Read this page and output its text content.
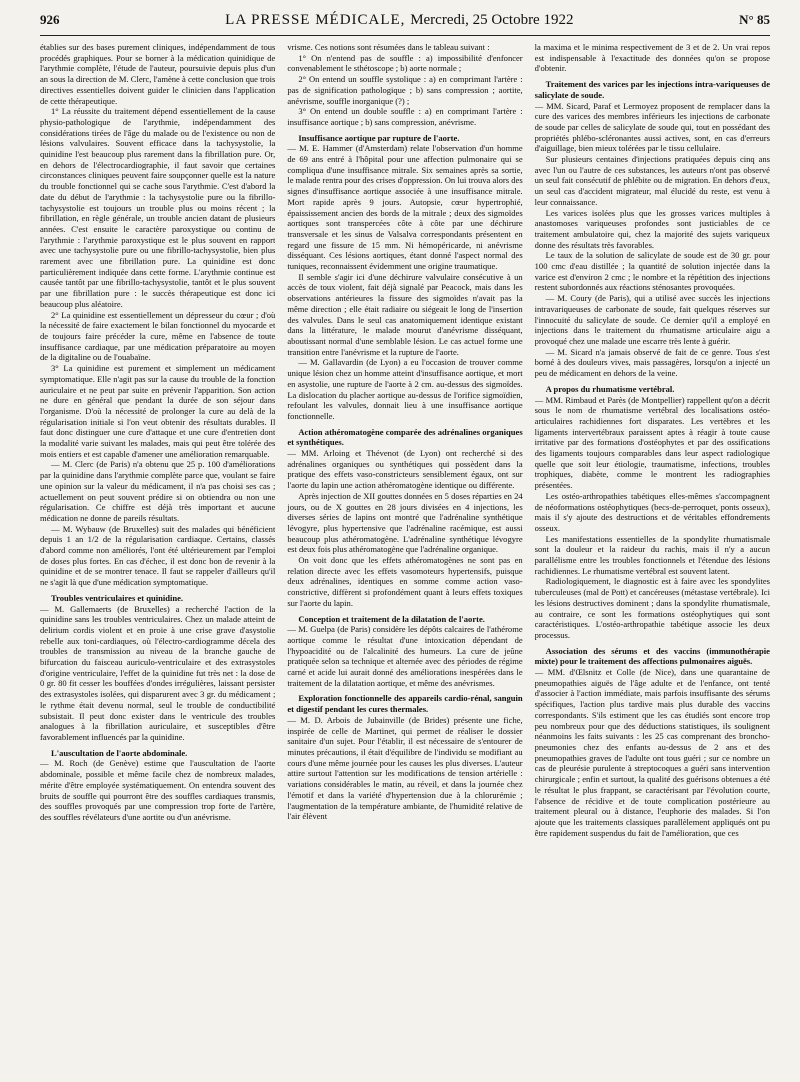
926	LA PRESSE MÉDICALE, Mercredi, 25 Octobre 1922	N° 85

établies sur des bases purement cliniques, indépendamment de tous procédés graphiques. Pour se borner à la médication quinidique de l'arythmie complète, l'étude de l'auteur, poursuivie depuis plus d'un an sous la direction de M. Clerc, l'amène à cette conclusion que trois directives essentielles doivent guider le clinicien dans l'application de cette thérapeutique.

1° La réussite du traitement dépend essentiellement de la cause physio-pathologique de l'arythmie, indépendamment des considérations tirées de l'âge du malade ou de l'existence ou non de lésions valvulaires. Souvent efficace dans la tachysystolie, la quinidine l'est beaucoup plus rarement dans la fibrillation pure. Or, en dehors de l'électrocardiographie, il faut savoir que certaines circonstances cliniques peuvent faire soupçonner quelle est la nature du trouble fonctionnel qui se cache sous l'arythmie. C'est d'abord la date du début de l'arythmie : la tachysystolie pure ou la fibrillo-tachysystolie est toujours un trouble plus ou moins récent ; la fibrillation, en règle générale, un trouble ancien datant de plusieurs années. C'est ensuite le caractère paroxystique ou continu de l'arythmie : l'arythmie paroxystique est le plus souvent en rapport avec une tachysystolie pure ou une fibrillo-tachysystolie, bien plus rarement avec une fibrillation pure. La quinidine est donc particulièrement indiquée dans cette forme. L'arythmie continue est causée tantôt par une fibrillo-tachysystolie, tantôt et le plus souvent par une fibrillation pure : le succès thérapeutique est donc ici beaucoup plus aléatoire.

2° La quinidine est essentiellement un dépresseur du cœur ; d'où la nécessité de faire exactement le bilan fonctionnel du myocarde et de toujours faire précéder la cure, même en l'absence de toute insuffisance cardiaque, par une médication préparatoire au moyen de la digitaline ou de l'ouabaïne.

3° La quinidine est purement et simplement un médicament symptomatique. Elle n'agit pas sur la cause du trouble de la fonction auriculaire et ne peut par suite en prévenir l'apparition. Son action ne dure en général que pendant la durée de son séjour dans l'organisme. D'où la nécessité de prolonger la cure au delà de la régularisation initiale si l'on veut obtenir des résultats durables. Il faut donc distinguer une cure d'attaque et une cure d'entretien dont la modalité varie suivant les malades, mais qui peut être tolérée des mois entiers et est capable d'amener une amélioration remarquable.

— M. Clerc (de Paris) n'a obtenu que 25 p. 100 d'améliorations par la quinidine dans l'arythmie complète parce que, voulant se faire une opinion sur la valeur du médicament, il n'a pas choisi ses cas ; actuellement on peut souvent prédire si on obtiendra ou non une régularisation. Ce chiffre est déjà très important et aucune médication ne donne de pareils résultats.

— M. Wybauw (de Bruxelles) suit des malades qui bénéficient depuis 1 an 1/2 de la régularisation cardiaque. Certains, classés d'abord comme non améliorés, l'ont été ultérieurement par l'emploi de doses plus fortes. En cas d'échec, il est donc bon de revenir à la quinidine et de se montrer tenace. Il faut se rappeler d'ailleurs qu'il ne s'agit là que d'une médication symptomatique.

Troubles ventriculaires et quinidine.

— M. Gallemaerts (de Bruxelles) a recherché l'action de la quinidine sans les troubles ventriculaires. Chez un malade atteint de delirium cordis violent et en proie à une crise grave d'asystolie rebelle aux toni-cardiaques, où l'électro-cardiogramme décela des troubles de transmission au niveau de la branche gauche de bifurcation du faisceau auriculo-ventriculaire et des extrasystoles d'origine ventriculaire, l'effet de la quinidine fut très net : la dose de 0 gr. 80 fit cesser les bouffées d'ondes irrégulières, laissant persister des extrasystoles isolées, qui disparurent avec 3 gr. du médicament ; le rythme était devenu normal, seul le trouble de conductibilité subsistait. Il peut donc exister dans le ventricule des troubles analogues à la fibrillation auriculaire, et susceptibles d'être favorablement influencés par la quinidine.

L'auscultation de l'aorte abdominale.

— M. Roch (de Genève) estime que l'auscultation de l'aorte abdominale, possible et même facile chez de nombreux malades, mérite d'être employée systématiquement. On entendra souvent des bruits de souffle qui pourront être des souffles cardiaques transmis, des souffles provoqués par une compression trop forte de l'artère, des souffles révélateurs d'une aortite ou d'un anévrisme.

vrisme. Ces notions sont résumées dans le tableau suivant :

1° On n'entend pas de souffle : a) impossibilité d'enfoncer convenablement le sthétoscope ; b) aorte normale ;

2° On entend un souffle systolique : a) en comprimant l'artère : pas de signification pathologique ; b) sans compression ; aortite, anévrisme, souffle inorganique (?) ;

3° On entend un double souffle : a) en comprimant l'artère : insuffisance aortique ; b) sans compression, anévrisme.

Insuffisance aortique par rupture de l'aorte.

— M. E. Hammer (d'Amsterdam) relate l'observation d'un homme de 69 ans entré à l'hôpital pour une affection pulmonaire qui se compliqua d'une insuffisance mitrale. Six semaines après sa sortie, le malade rentra pour des crises d'oppression. On lui trouva alors des signes d'insuffisance aortique associée à une insuffisance mitrale. Mort rapide après 9 jours. Autopsie, cœur hypertrophié, épaississement ancien des bords de la mitrale ; deux des sigmoïdes aortiques sont transpercées côte à côte par une déchirure transversale et les sinus de Valsalva correspondants présentent en regard une fissure de 15 mm. Ni hémopéricarde, ni anévrisme disséquant. Ces lésions aortiques, étant donné l'aspect normal des tuniques, reconnaissent évidemment une origine traumatique.

Il semble s'agir ici d'une déchirure valvulaire consécutive à un accès de toux violent, fait déjà signalé par Peacock, mais dans les observations antérieures la fissure des sigmoïdes n'avait pas la même direction ; elle était radiaire ou siégeait le long de l'insertion des valvules. Dans le seul cas anatomiquement identique existant dans la littérature, le malade mourut d'anévrisme disséquant, aboutissant normal d'une semblable lésion. Le cas actuel forme une transition entre l'anévrisme et la rupture de l'aorte.

— M. Gallavardin (de Lyon) a eu l'occasion de trouver comme unique lésion chez un homme atteint d'insuffisance aortique, et mort en asystolie, une rupture de l'aorte à 2 cm. au-dessus des sigmoïdes. La dislocation du placher aortique au-dessus de l'orifice sigmoïdien, refoulant les valvules, donnait lieu à une insuffisance aortique fonctionnelle.

Action athéromatogène comparée des adrénalines organiques et synthétiques.

— MM. Arloing et Thévenot (de Lyon) ont recherché si des adrénalines organiques ou synthétiques qui possèdent dans la pratique des effets vaso-constricteurs sensiblement égaux, ont sur l'aorte du lapin une action athéromatogène identique ou différente.

Après injection de XII gouttes données en 5 doses réparties en 24 jours, ou de X gouttes en 28 jours divisées en 4 injections, les diverses séries de lapins ont montré que l'adrénaline synthétique lévogyre, plus hypertensive que l'adrénaline racémique, est aussi beaucoup plus athéromatogène. L'adrénaline synthétique lévogyre est deux fois plus athéromatogène que l'adrénaline organique.

On voit donc que les effets athéromatogènes ne sont pas en relation directe avec les effets vasomoteurs hypertensifs, puisque deux adrénalines, identiques en somme comme action vaso-constrictive, diffèrent si profondément quant à leurs effets toxiques sur l'aorte du lapin.

Conception et traitement de la dilatation de l'aorte.

— M. Guelpa (de Paris) considère les dépôts calcaires de l'athérome aortique comme le résultat d'une intoxication dépendant de l'hypoacidité ou de l'alcalinité des humeurs. La cure de jeûne pratiquée selon sa technique et alternée avec des périodes de régime carné et acide lui aurait donné des améliorations inespérées dans le traitement de la dilatation aortique, et même des anévrismes.

Exploration fonctionnelle des appareils cardio-rénal, sanguin et digestif pendant les cures thermales.

— M. D. Arbois de Jubainville (de Brides) présente une fiche, inspirée de celle de Martinet, qui permet de réaliser le dossier sanitaire d'un sujet. Pour l'établir, il est nécessaire de s'entourer de minutes précautions, il était d'équilibre de l'individu se modifiant au cours d'une même journée pour les causes les plus diverses. L'auteur attire surtout l'attention sur les modifications de tension artérielle : variations considérables le matin, au réveil, et dans la journée chez l'émotif et dans la variété d'hypertension due à la chlorurémie ; l'augmentation de la température ambiante, de l'humidité relative de l'air élèvent

la maxima et le minima respectivement de 3 et de 2. Un vrai repos est indispensable à l'exactitude des données qu'on se propose d'obtenir.

Traitement des varices par les injections intra-variqueuses de salicylate de soude.

— MM. Sicard, Paraf et Lermoyez proposent de remplacer dans la cure des varices des membres inférieurs les injections de carbonate de soude par celles de salicylate de soude qui, tout en possédant des propriétés phlébo-scléronantes aussi actives, sont, en cas d'erreurs d'aiguillage, bien mieux tolérées par le tissu cellulaire.

Sur plusieurs centaines d'injections pratiquées depuis cinq ans avec l'un ou l'autre de ces substances, les auteurs n'ont pas observé un seul fait consécutif de phlébite ou de migration. En dehors d'eux, un seul cas d'accident migrateur, mal élucidé du reste, est venu à leur connaissance.

Les varices isolées plus que les grosses varices multiples à anastomoses variqueuses profondes sont justiciables de ce traitement ambulatoire qui, chez la majorité des sujets variqueux donne des résultats très favorables.

Le taux de la solution de salicylate de soude est de 30 gr. pour 100 cmc d'eau distillée ; la quantité de solution injectée dans la varice est d'environ 2 cmc ; le nombre et la répétition des injections restent subordonnés aux réactions sténosantes provoquées.

— M. Coury (de Paris), qui a utilisé avec succès les injections intravariqueuses de carbonate de soude, fait quelques réserves sur l'innocuité du salicylate de soude. Ce dernier qu'il a employé en injections dans le traitement du rhumatisme articulaire aigu a provoqué chez une malade une escarre très lente à guérir.

— M. Sicard n'a jamais observé de fait de ce genre. Tous s'est borné à des douleurs vives, mais passagères, lorsqu'on a injecté un peu de médicament en dehors de la veine.

A propos du rhumatisme vertébral.

— MM. Rimbaud et Parès (de Montpellier) rappellent qu'on a décrit sous le nom de rhumatisme vertébral des localisations ostéo-articulaires rachidiennes fort disparates. Les vertèbres et les ligaments intervertébraux paraissent aptes à réagir à toute cause irritative par des formations d'ostéophytes et par des ossifications des ligaments toujours comparables dans leur aspect radiologique quelle que soit leur étiologie, traumatisme, infections, troubles trophiques, diabète, comme le montrent les radiographies présentées.

Les ostéo-arthropathies tabétiques elles-mêmes s'accompagnent de néoformations ostéophytiques (becs-de-perroquet, ponts osseux), mais il s'y ajoute des destructions et de véritables effondrements osseux.

Les manifestations essentielles de la spondylite rhumatismale sont la douleur et la raideur du rachis, mais il n'y a aucun parallélisme entre les troubles fonctionnels et l'étendue des lésions rachidiennes. Le rhumatisme vertébral est souvent latent.

Radiologiquement, le diagnostic est à faire avec les spondylites tuberculeuses (mal de Pott) et cancéreuses (métastase vertébrale). Ici les lésions destructives dominent ; dans la spondylite rhumatismale, au contraire, ce sont les formations ostéophytiques qui sont caractéristiques. L'ostéo-arthropathie tabétique associe les deux processus.

Association des sérums et des vaccins (immunothérapie mixte) pour le traitement des affections pulmonaires aiguës.

— MM. d'Œlsnitz et Colle (de Nice), dans une quarantaine de pneumopathies aiguës de l'âge adulte et de l'enfance, ont tenté d'associer à l'action immédiate, mais parfois insuffisante des sérums spécifiques, l'action plus tardive mais plus durable des vaccins correspondants. S'ils estiment que les cas étudiés sont encore trop peu nombreux pour que des déductions statistiques, ils soulignent néanmoins les faits suivants : les 25 cas comprenant des broncho-pneumonies chez des enfants au-dessus de 2 ans et des pneumopathies graves de l'adulte ont tous guéri ; sur ce nombre un cas de pleurésie purulente à streptocoques a guéri sans intervention chirurgicale ; enfin et surtout, la qualité des guérisons obtenues a été le résultat le plus frappant, se caractérisant par l'évolution courte, l'absence de récidive et de toute complication postérieure au traitement pleural ou à distance, l'euphorie des malades. Si l'on ajoute que les traitements classiques parallèlement appliqués ont pu être rapidement suspendus du fait de l'amélioration, que ces
